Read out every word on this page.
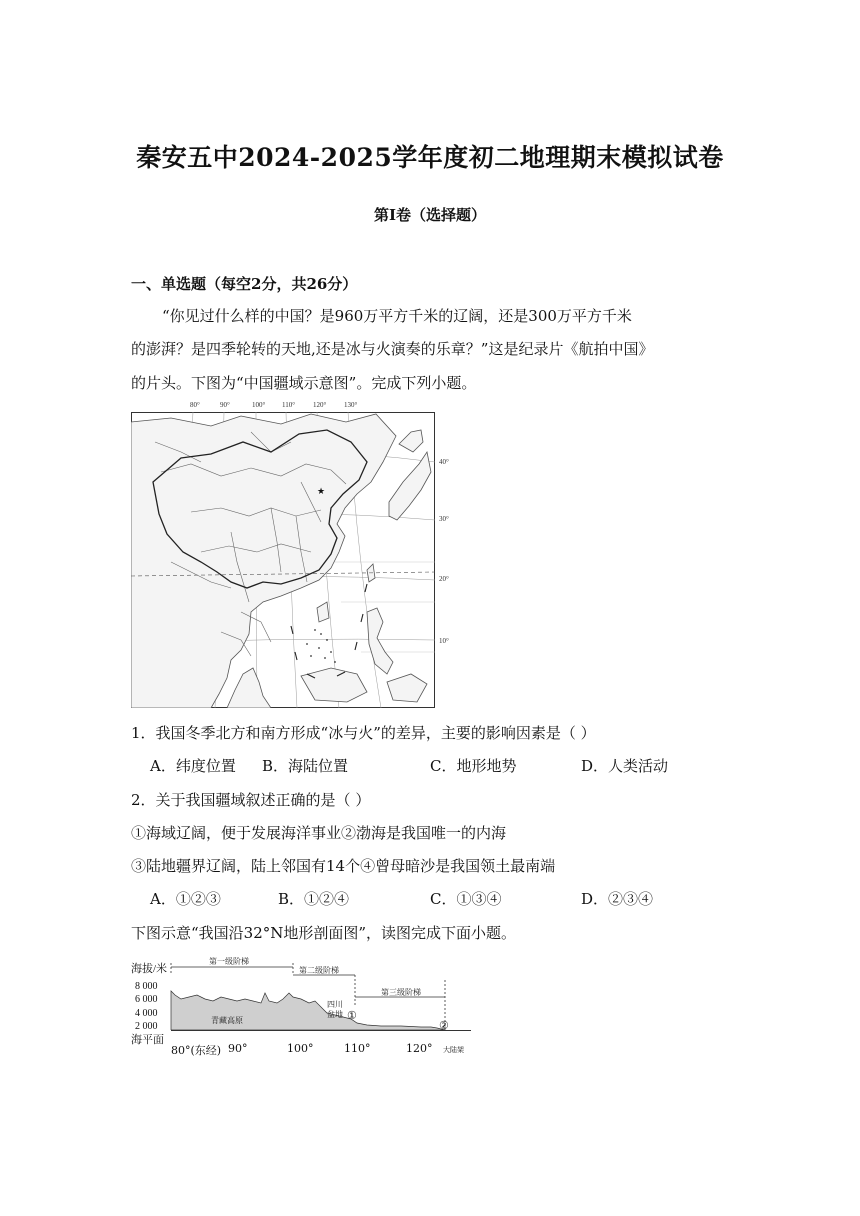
秦安五中2024-2025学年度初二地理期末模拟试卷
第Ⅰ卷（选择题）
一、单选题（每空2分，共26分）
“你见过什么样的中国？是960万平方千米的辽阔，还是300万平方千米
的澎湃？是四季轮转的天地,还是冰与火演奏的乐章？”这是纪录片《航拍中国》
的片头。下图为“中国疆域示意图”。完成下列小题。
80°	90°	100° 110°	120°	130°
40°
30°
20°
10°
★
1．我国冬季北方和南方形成“冰与火”的差异，主要的影响因素是（ ）
A．纬度位置 B．海陆位置	C．地形地势	D．人类活动
2．关于我国疆域叙述正确的是（ ）
①海域辽阔，便于发展海洋事业②渤海是我国唯一的内海
③陆地疆界辽阔，陆上邻国有14个④曾母暗沙是我国领土最南端
A．①②③	B．①②④	C．①③④	D．②③④
下图示意“我国沿32°N地形剖面图”，读图完成下面小题。
海拔/米
8 000
6 000
4 000
2 000
第一级阶梯
第二级阶梯
第三级阶梯
青藏高原
四川
盆地 ①
②
海平面
80°(东经) 90°	100°	110°	120° 大陆架
